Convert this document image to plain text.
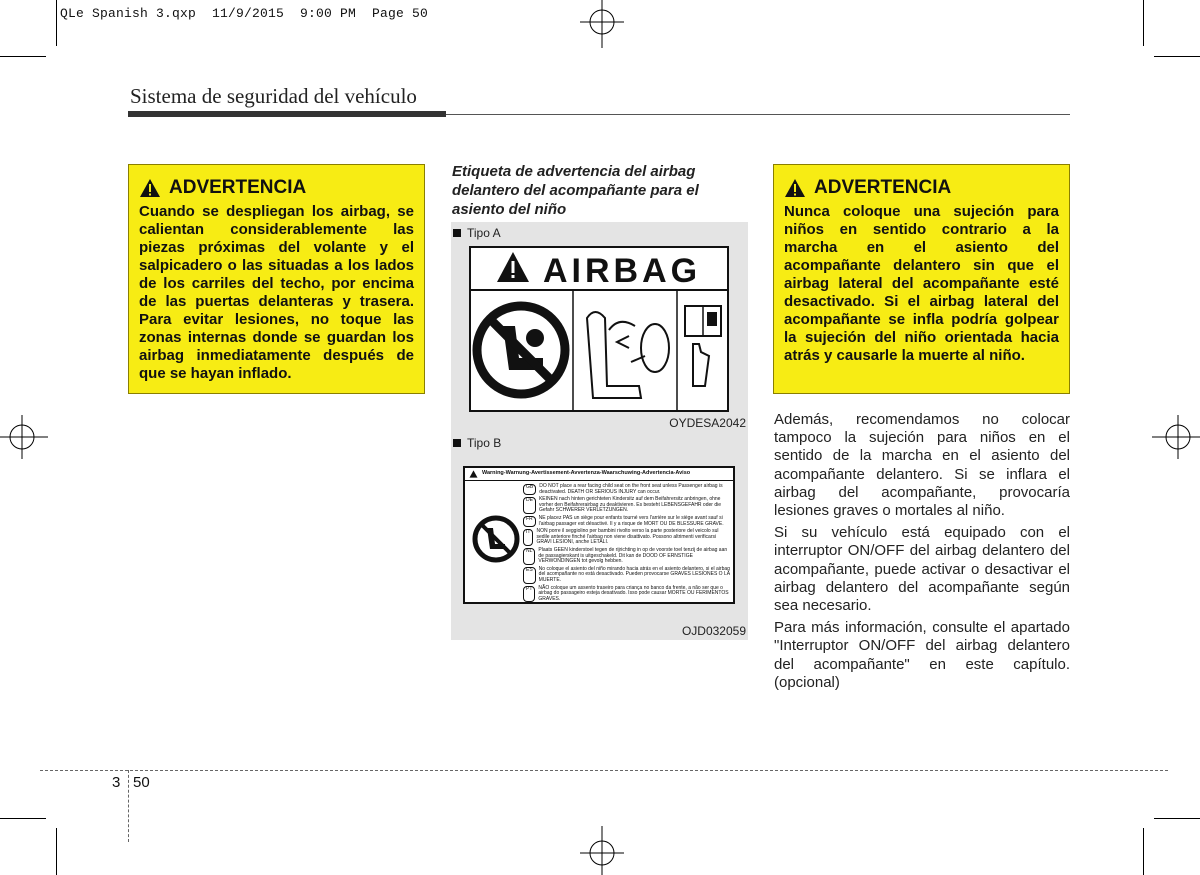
QLe Spanish 3.qxp  11/9/2015  9:00 PM  Page 50
Sistema de seguridad del vehículo
ADVERTENCIA
Cuando se despliegan los airbag, se calientan considerablemente las piezas próximas del volante y el salpicadero o las situadas a los lados de los carriles del techo, por encima de las puertas delanteras y trasera. Para evitar lesiones, no toque las zonas internas donde se guardan los airbag inmediatamente después de que se hayan inflado.
Etiqueta de advertencia del airbag delantero del acompañante para el asiento del niño
Tipo A
AIRBAG
OYDESA2042
Tipo B
Warning-Warnung-Avertissement-Avvertenza-Waarschuwing-Advertencia-Aviso
GB	DO NOT place a rear facing child seat on the front seat unless Passenger airbag is deactivated. DEATH OR SERIOUS INJURY can occur.
DE	KEINEN nach hinten gerichteten Kindersitz auf dem Beifahrersitz anbringen, ohne vorher den Beifahrerairbag zu deaktivieren. Es besteht LEBENSGEFAHR oder die Gefahr SCHWERER VERLETZUNGEN.
FR	NE placez PAS un siège pour enfants tourné vers l'arrière sur le siège avant sauf si l'airbag passager est désactivé. Il y a risque de MORT OU DE BLESSURE GRAVE.
IT	NON porre il seggiolino per bambini rivolto verso la parte posteriore del veicolo sul sedile anteriore finché l'airbag non viene disattivato. Possono altrimenti verificarsi GRAVI LESIONI, anche LETALI.
NL	Plaats GEEN kinderstoel tegen de rijrichting in op de voorste toel tenzij de airbag aan de passagierskant is uitgeschakeld. Dit kan de DOOD OF ERNSTIGE VERWONDINGEN tot gevolg hebben.
ES	No coloque el asiento del niño mirando hacia atrás en el asiento delantero, si el airbag del acompañante no está desactivado. Pueden provocarse GRAVES LESIONES O LA MUERTE.
PT	NÃO coloque um assento traseiro para criança no banco da frente, a não ser que o airbag do passageiro esteja desativado. Isso pode causar MORTE OU FERIMENTOS GRAVES.
OJD032059
ADVERTENCIA
Nunca coloque una sujeción para niños en sentido contrario a la marcha en el asiento del acompañante delantero sin que el airbag lateral del acompañante esté desactivado. Si el airbag lateral del acompañante se infla podría golpear la sujeción del niño orientada hacia atrás y causarle la muerte al niño.

Además, recomendamos no colocar tampoco la sujeción para niños en el sentido de la marcha en el asiento del acompañante delantero. Si se inflara el airbag del acompañante, provocaría lesiones graves o mortales al niño.

Si su vehículo está equipado con el interruptor ON/OFF del airbag delantero del acompañante, puede activar o desactivar el airbag delantero del acompañante según sea necesario.

Para más información, consulte el apartado "Interruptor ON/OFF del airbag delantero del acompañante" en este capítulo. (opcional)

3 50
